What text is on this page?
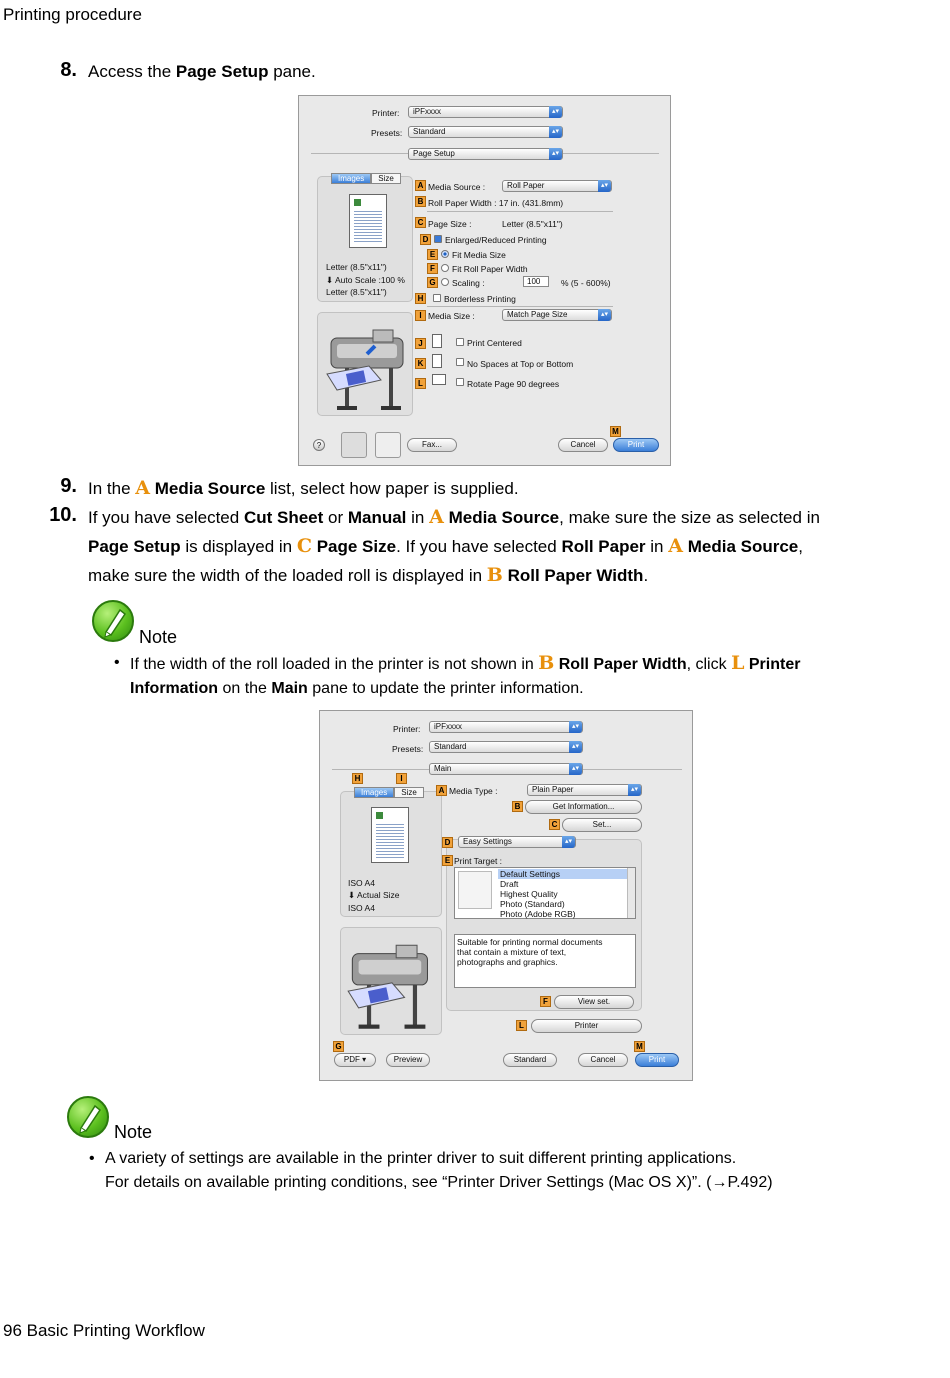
Printing procedure
96 Basic Printing Workflow
8. Access the Page Setup pane.
Printer:	iPFxxxx	▴▾
Presets:	Standard	▴▾
Page Setup	▴▾
Images	Size
Letter (8.5"x11")
⬇ Auto Scale :100 %
Letter (8.5"x11")
A Media Source :	Roll Paper	▴▾
B Roll Paper Width : 17 in. (431.8mm)
C Page Size :	Letter (8.5"x11")
D	Enlarged/Reduced Printing
E	Fit Media Size
F	Fit Roll Paper Width
G Scaling :	100	% (5 - 600%)
H	Borderless Printing
I Media Size :	Match Page Size	▴▾
J	Print Centered
K	No Spaces at Top or Bottom
L	Rotate Page 90 degrees
?	Fax...	Cancel
M
Print
9. In the A Media Source list, select how paper is supplied.
10. If you have selected Cut Sheet or Manual in A Media Source, make sure the size as selected in
Page Setup is displayed in C Page Size. If you have selected Roll Paper in A Media Source,
make sure the width of the loaded roll is displayed in B Roll Paper Width.
Note
• If the width of the roll loaded in the printer is not shown in B Roll Paper Width, click L Printer
Information on the Main pane to update the printer information.
Printer:	iPFxxxx	▴▾
Presets:	Standard	▴▾
Main	▴▾
H	I
Images	Size
ISO A4
⬇ Actual Size
ISO A4
A Media Type :	Plain Paper	▴▾
B	Get Information...
C	Set...
D	Easy Settings	▴▾
E Print Target :
Default Settings
Draft
Highest Quality
Photo (Standard)
Photo (Adobe RGB)
Suitable for printing normal documents
that contain a mixture of text,
photographs and graphics.
F	View set.
L	Printer
G
PDF ▾	Preview	Standard	Cancel
M
Print
Note
• A variety of settings are available in the printer driver to suit different printing applications.
For details on available printing conditions, see “Printer Driver Settings (Mac OS X)”. (→P.492)
